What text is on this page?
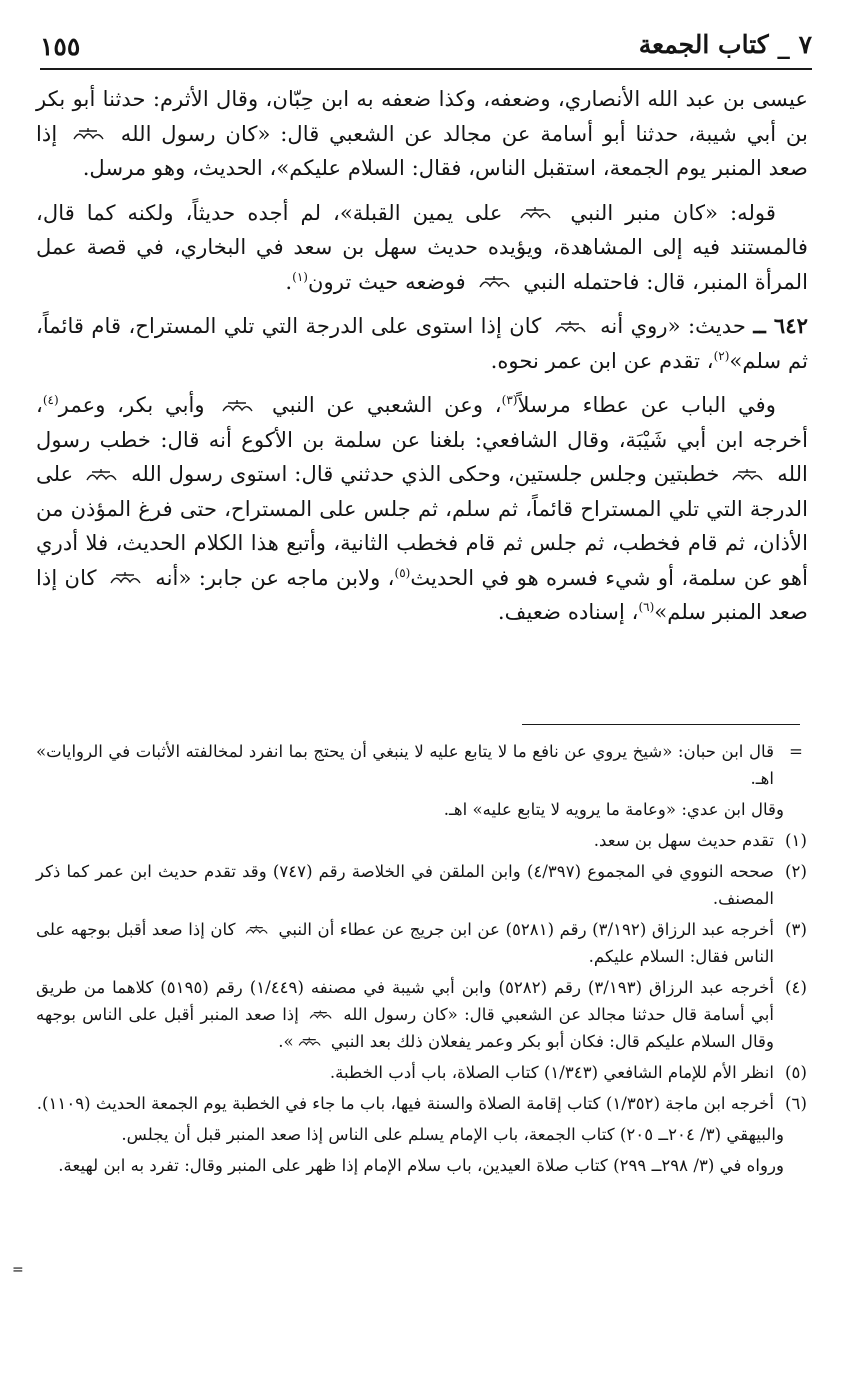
٧ _ كتاب الجمعة
١٥٥

عيسى بن عبد الله الأنصاري، وضعفه، وكذا ضعفه به ابن حِبّان، وقال الأثرم: حدثنا أبو بكر بن أبي شيبة، حدثنا أبو أسامة عن مجالد عن الشعبي قال: «كان رسول الله  إذا صعد المنبر يوم الجمعة، استقبل الناس، فقال: السلام عليكم»، الحديث، وهو مرسل.

قوله: «كان منبر النبي  على يمين القبلة»، لم أجده حديثاً، ولكنه كما قال، فالمستند فيه إلى المشاهدة، ويؤيده حديث سهل بن سعد في البخاري، في قصة عمل المرأة المنبر، قال: فاحتمله النبي  فوضعه حيث ترون$^{(١)}$.

٦٤٢ ــ حديث: «روي أنه  كان إذا استوى على الدرجة التي تلي المستراح، قام قائماً، ثم سلم»$^{(٢)}$، تقدم عن ابن عمر نحوه.

وفي الباب عن عطاء مرسلاً$^{(٣)}$، وعن الشعبي عن النبي  وأبي بكر، وعمر$^{(٤)}$، أخرجه ابن أبي شَيْبَة، وقال الشافعي: بلغنا عن سلمة بن الأكوع أنه قال: خطب رسول الله  خطبتين وجلس جلستين، وحكى الذي حدثني قال: استوى رسول الله  على الدرجة التي تلي المستراح قائماً، ثم سلم، ثم جلس على المستراح، حتى فرغ المؤذن من الأذان، ثم قام فخطب، ثم جلس ثم قام فخطب الثانية، وأتبع هذا الكلام الحديث، فلا أدري أهو عن سلمة، أو شيء فسره هو في الحديث$^{(٥)}$، ولابن ماجه عن جابر: «أنه  كان إذا صعد المنبر سلم»$^{(٦)}$، إسناده ضعيف.

=
قال ابن حبان: «شيخ يروي عن نافع ما لا يتابع عليه لا ينبغي أن يحتج بما انفرد لمخالفته الأثبات في الروايات» اهـ.
وقال ابن عدي: «وعامة ما يرويه لا يتابع عليه» اهـ.
(١)
تقدم حديث سهل بن سعد.
(٢)
صححه النووي في المجموع (٤/٣٩٧) وابن الملقن في الخلاصة رقم (٧٤٧) وقد تقدم حديث ابن عمر كما ذكر المصنف.
(٣)
أخرجه عبد الرزاق (٣/١٩٢) رقم (٥٢٨١) عن ابن جريج عن عطاء أن النبي  كان إذا صعد أقبل بوجهه على الناس فقال: السلام عليكم.
(٤)
أخرجه عبد الرزاق (٣/١٩٣) رقم (٥٢٨٢) وابن أبي شيبة في مصنفه (١/٤٤٩) رقم (٥١٩٥) كلاهما من طريق أبي أسامة قال حدثنا مجالد عن الشعبي قال: «كان رسول الله  إذا صعد المنبر أقبل على الناس بوجهه وقال السلام عليكم قال: فكان أبو بكر وعمر يفعلان ذلك بعد النبي ».
(٥)
انظر الأم للإمام الشافعي (١/٣٤٣) كتاب الصلاة، باب أدب الخطبة.
(٦)
أخرجه ابن ماجة (١/٣٥٢) كتاب إقامة الصلاة والسنة فيها، باب ما جاء في الخطبة يوم الجمعة الحديث (١١٠٩).
والبيهقي (٣/ ٢٠٤ــ ٢٠٥) كتاب الجمعة، باب الإمام يسلم على الناس إذا صعد المنبر قبل أن يجلس.
ورواه في (٣/ ٢٩٨ــ ٢٩٩) كتاب صلاة العيدين، باب سلام الإمام إذا ظهر على المنبر وقال: تفرد به ابن لهيعة.
=
